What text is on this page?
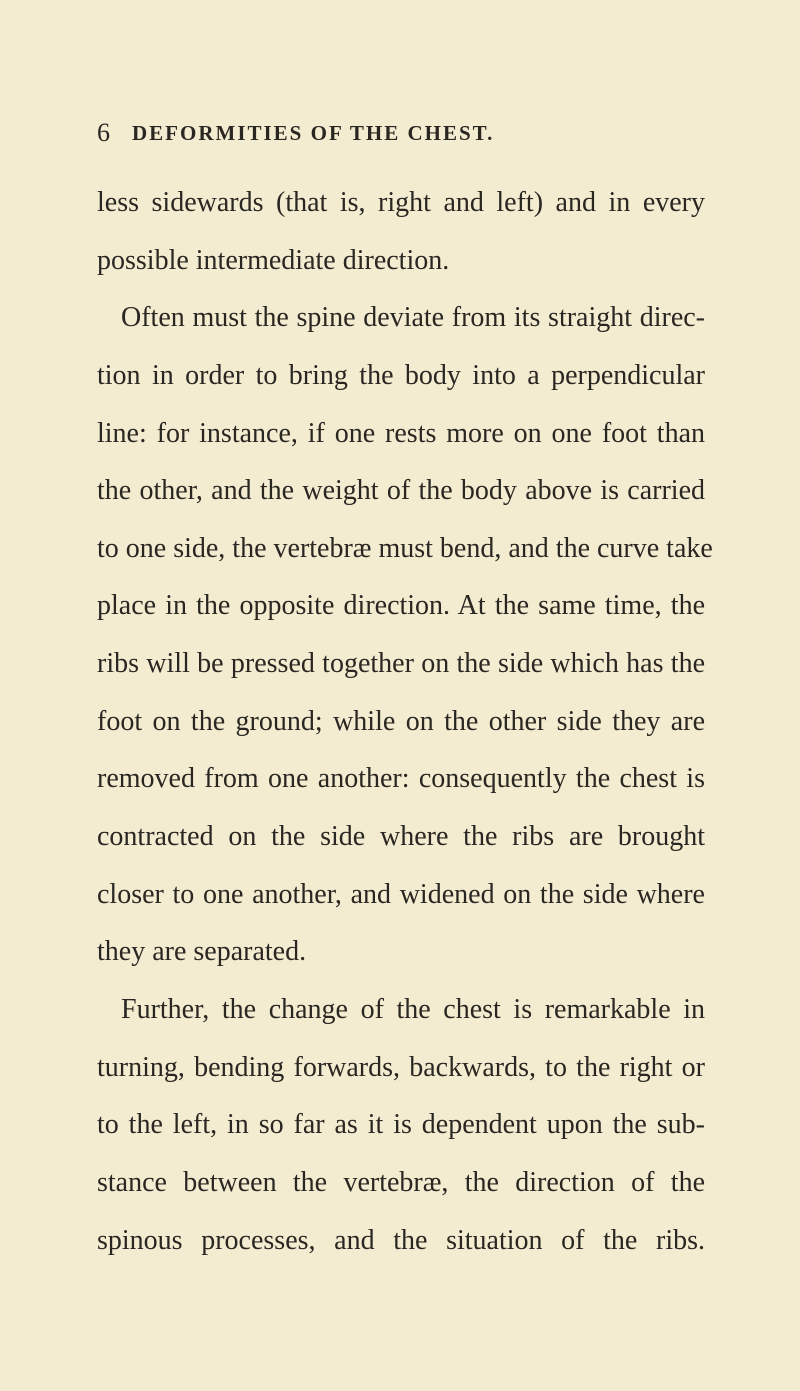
6 DEFORMITIES OF THE CHEST.
less sidewards (that is, right and left) and in every
possible intermediate direction.
Often must the spine deviate from its straight direc-
tion in order to bring the body into a perpendicular
line: for instance, if one rests more on one foot than
the other, and the weight of the body above is carried
to one side, the vertebræ must bend, and the curve take
place in the opposite direction. At the same time, the
ribs will be pressed together on the side which has the
foot on the ground; while on the other side they are
removed from one another: consequently the chest is
contracted on the side where the ribs are brought
closer to one another, and widened on the side where
they are separated.
Further, the change of the chest is remarkable in
turning, bending forwards, backwards, to the right or
to the left, in so far as it is dependent upon the sub-
stance between the vertebræ, the direction of the
spinous processes, and the situation of the ribs.
